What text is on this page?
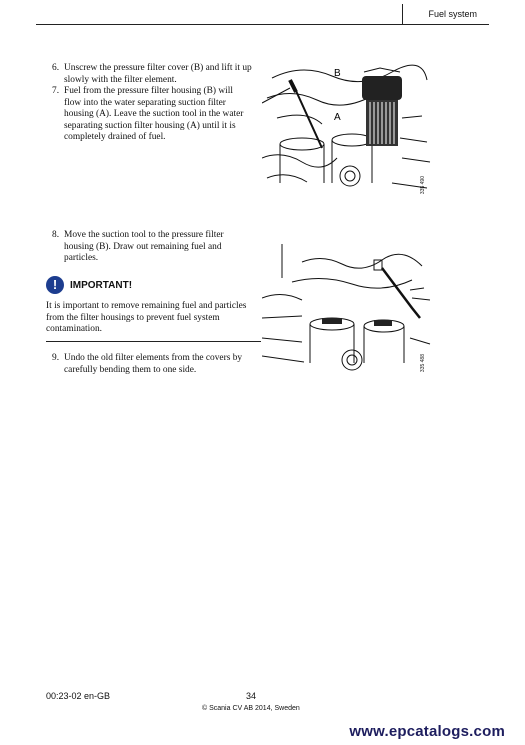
Fuel system
6. Unscrew the pressure filter cover (B) and lift it up slowly with the filter element.
7. Fuel from the pressure filter housing (B) will flow into the water separating suction filter housing (A). Leave the suction tool in the water separating suction filter housing (A) until it is completely drained of fuel.
B
A
335 490
8. Move the suction tool to the pressure filter housing (B). Draw out remaining fuel and particles.
!	IMPORTANT!
It is important to remove remaining fuel and particles from the filter housings to prevent fuel system contamination.
9. Undo the old filter elements from the covers by carefully bending them to one side.	335 488
00:23-02 en-GB	34
© Scania CV AB 2014, Sweden
www.epcatalogs.com
